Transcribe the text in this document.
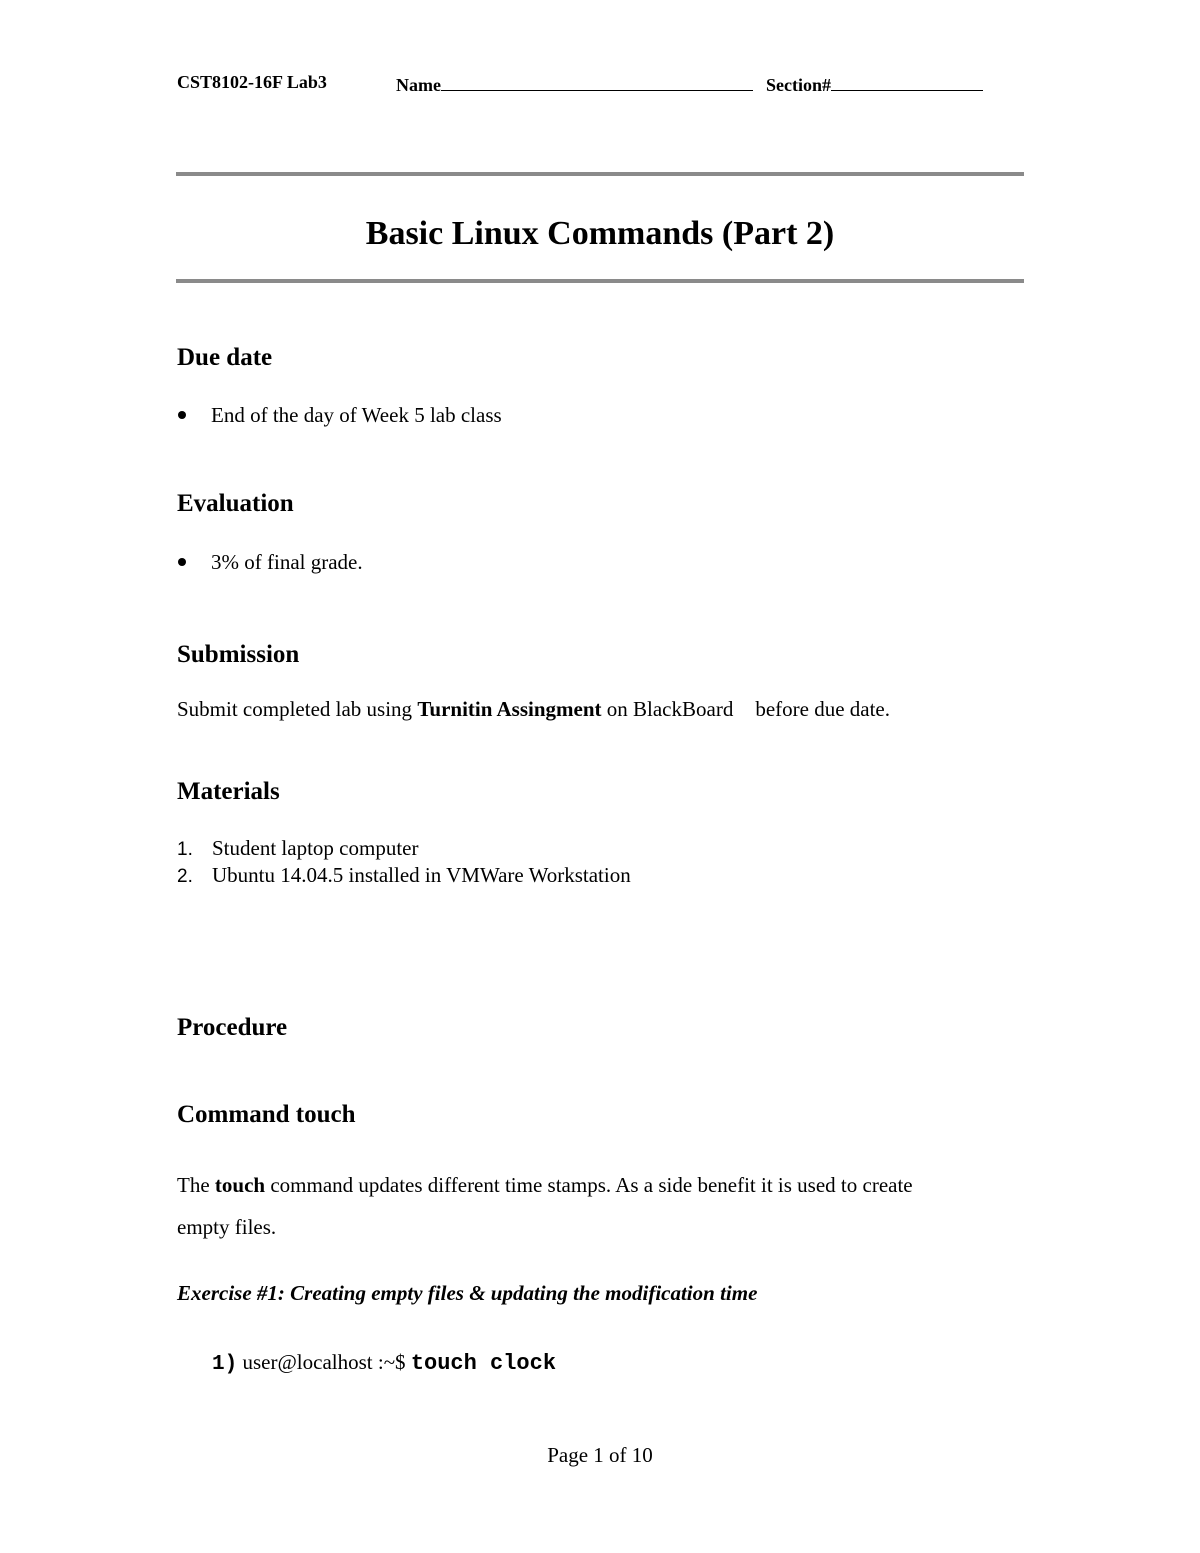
CST8102-16F Lab3	Name	Section#
Basic Linux Commands (Part 2)
Due date
End of the day of Week 5 lab class
Evaluation
3% of final grade.
Submission
Submit completed lab using Turnitin Assingment on BlackBoard before due date.
Materials
1. Student laptop computer
2. Ubuntu 14.04.5 installed in VMWare Workstation
Procedure
Command touch
The touch command updates different time stamps. As a side benefit it is used to create
empty files.
Exercise #1: Creating empty files & updating the modification time
1) user@localhost :~$ touch clock
Page 1 of 10
